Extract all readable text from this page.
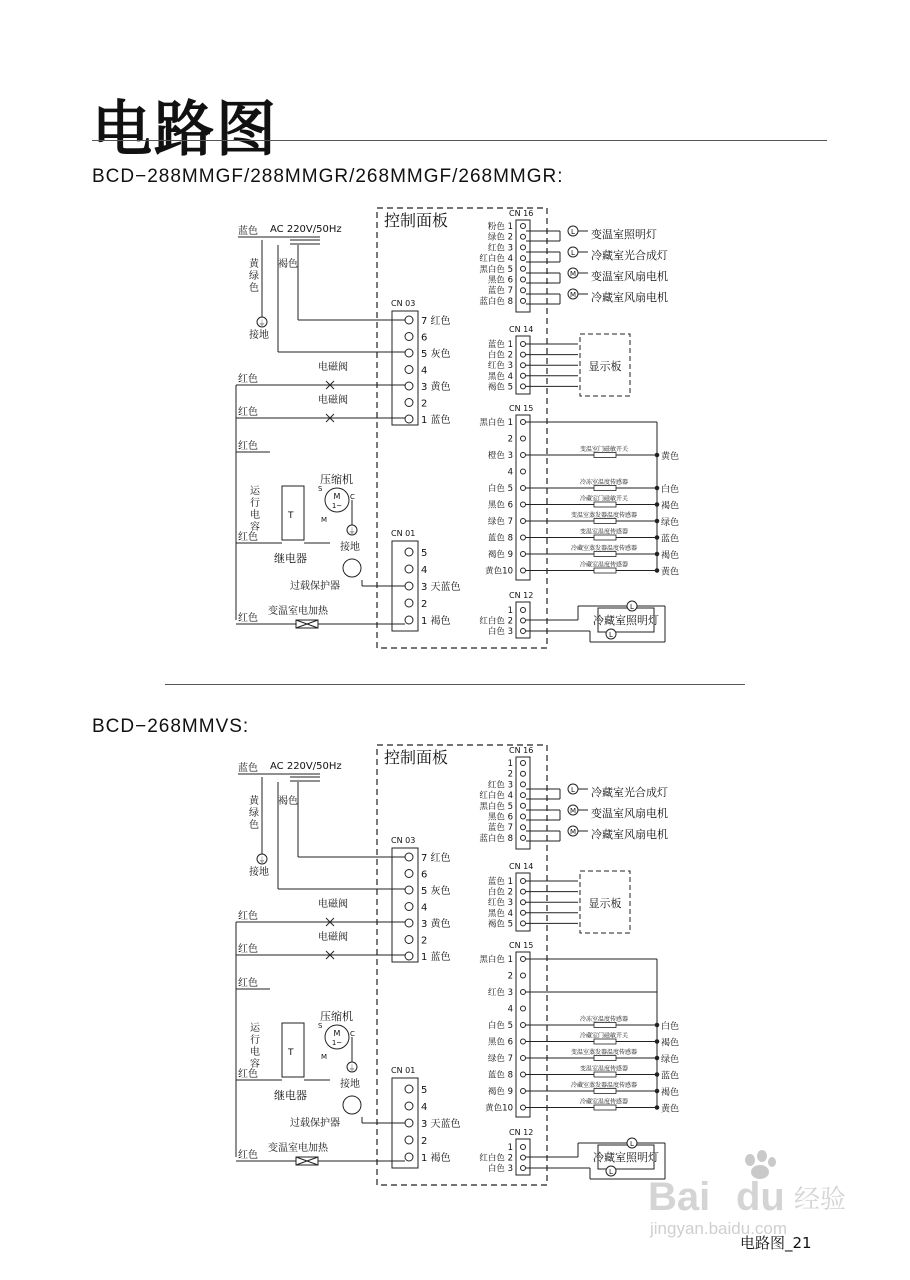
电路图
BCD−288MMGF/288MMGR/268MMGF/268MMGR:
控制面板
蓝色 AC 220V/50Hz
褐色
黄
绿
色
⏚
接地
CN 03
7 红色
6
5 灰色
4
3 黄色
2
1 蓝色
红色
电磁阀
红色
电磁阀
红色
压缩机
M
1~
S
C
M
⏚
接地
运
行
电
容
T
继电器
红色
过载保护器
CN 01
5
4
3 天蓝色
2
1 褐色
红色
变温室电加热
CN 16
粉色 1
绿色 2
红色 3
红白色 4
黑白色 5
黑色 6
蓝色 7
蓝白色 8
L 变温室照明灯
L 冷藏室光合成灯
M 变温室风扇电机
M 冷藏室风扇电机
CN 14
蓝色 1
白色 2
红色 3
黑色 4
褐色 5
显示板
CN 15
黑白色 1
2
橙色 3
4
白色 5
黑色 6
绿色 7
蓝色 8
褐色 9
黄色10
变温室门磁敏开关
黄色
冷冻室温度传感器
白色
冷藏室门磁敏开关
褐色
变温室蒸发器温度传感器
绿色
变温室温度传感器
蓝色
冷藏室蒸发器温度传感器
褐色
冷藏室温度传感器
黄色
CN 12
1
红白色 2
白色 3
冷藏室照明灯
L
L
BCD−268MMVS:
控制面板
蓝色 AC 220V/50Hz
褐色
黄
绿
色
⏚
接地
CN 03
7 红色
6
5 灰色
4
3 黄色
2
1 蓝色
红色
电磁阀
红色
电磁阀
红色
压缩机
M
1~
S
C
M
⏚
接地
运
行
电
容
T
继电器
红色
过载保护器
CN 01
5
4
3 天蓝色
2
1 褐色
红色
变温室电加热
CN 16
1
2
红色 3
红白色 4
黑白色 5
黑色 6
蓝色 7
蓝白色 8
L 冷藏室光合成灯
M 变温室风扇电机
M 冷藏室风扇电机
CN 14
蓝色 1
白色 2
红色 3
黑色 4
褐色 5
显示板
CN 15
黑白色 1
2
红色 3
4
白色 5
黑色 6
绿色 7
蓝色 8
褐色 9
黄色10
冷冻室温度传感器
白色
冷藏室门磁敏开关
褐色
变温室蒸发器温度传感器
绿色
变温室温度传感器
蓝色
冷藏室蒸发器温度传感器
褐色
冷藏室温度传感器
黄色
CN 12
1
红白色 2
白色 3
冷藏室照明灯
L
L
Bai du 经验
jingyan.baidu.com
电路图_21
